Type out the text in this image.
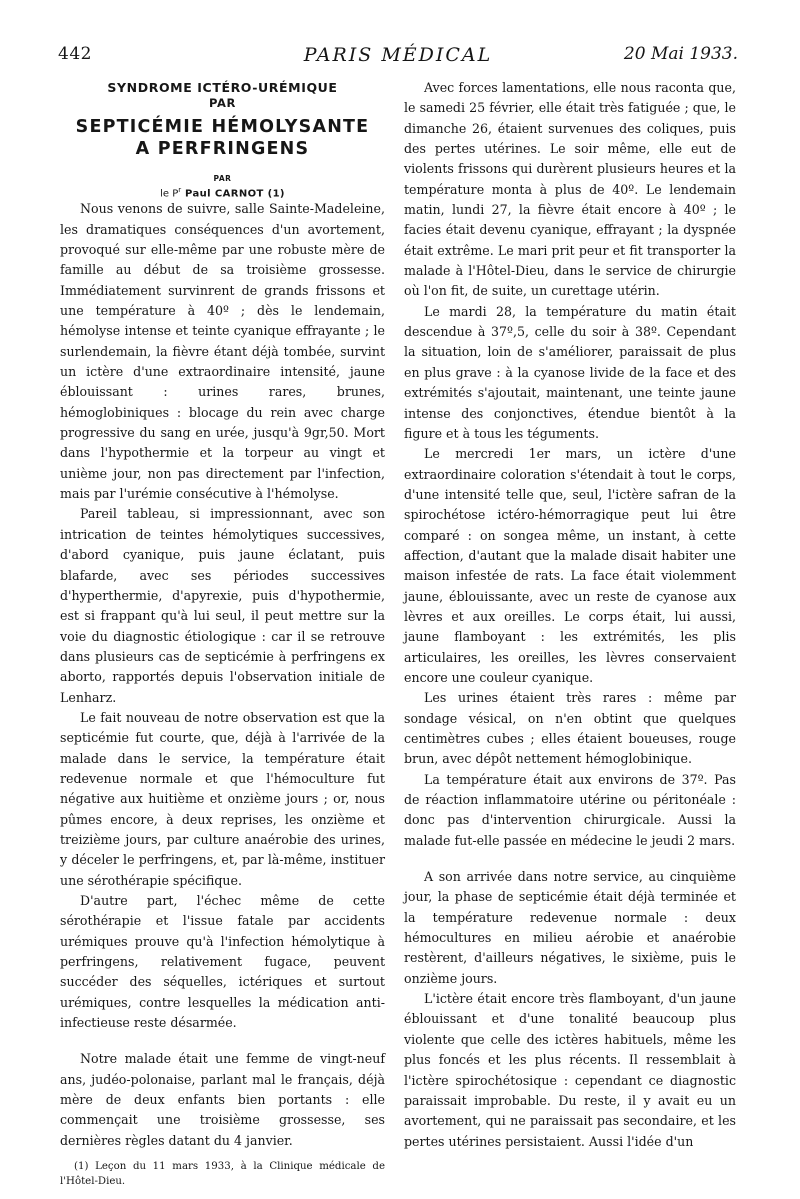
442	PARIS MÉDICAL	20 Mai 1933.
SYNDROME ICTÉRO-URÉMIQUE
PAR
SEPTICÉMIE HÉMOLYSANTE
A PERFRINGENS
PAR
le $P^r$ Paul CARNOT (1)

Nous venons de suivre, salle Sainte-Madeleine, les dramatiques conséquences d'un avortement, provoqué sur elle-même par une robuste mère de famille au début de sa troisième grossesse. Immédiatement survinrent de grands frissons et une température à 40º ; dès le lendemain, hémolyse intense et teinte cyanique effrayante ; le surlendemain, la fièvre étant déjà tombée, survint un ictère d'une extraordinaire intensité, jaune éblouissant : urines rares, brunes, hémoglobiniques : blocage du rein avec charge progressive du sang en urée, jusqu'à 9gr,50. Mort dans l'hypothermie et la torpeur au vingt et unième jour, non pas directement par l'infection, mais par l'urémie consécutive à l'hémolyse.

Pareil tableau, si impressionnant, avec son intrication de teintes hémolytiques successives, d'abord cyanique, puis jaune éclatant, puis blafarde, avec ses périodes successives d'hyperthermie, d'apyrexie, puis d'hypothermie, est si frappant qu'à lui seul, il peut mettre sur la voie du diagnostic étiologique : car il se retrouve dans plusieurs cas de septicémie à perfringens ex aborto, rapportés depuis l'observation initiale de Lenharz.

Le fait nouveau de notre observation est que la septicémie fut courte, que, déjà à l'arrivée de la malade dans le service, la température était redevenue normale et que l'hémoculture fut négative aux huitième et onzième jours ; or, nous pûmes encore, à deux reprises, les onzième et treizième jours, par culture anaérobie des urines, y déceler le perfringens, et, par là-même, instituer une sérothérapie spécifique.

D'autre part, l'échec même de cette sérothérapie et l'issue fatale par accidents urémiques prouve qu'à l'infection hémolytique à perfringens, relativement fugace, peuvent succéder des séquelles, ictériques et surtout urémiques, contre lesquelles la médication anti-infectieuse reste désarmée.

Notre malade était une femme de vingt-neuf ans, judéo-polonaise, parlant mal le français, déjà mère de deux enfants bien portants : elle commençait une troisième grossesse, ses dernières règles datant du 4 janvier.

(1) Leçon du 11 mars 1933, à la Clinique médicale de l'Hôtel-Dieu.

Avec forces lamentations, elle nous raconta que, le samedi 25 février, elle était très fatiguée ; que, le dimanche 26, étaient survenues des coliques, puis des pertes utérines. Le soir même, elle eut de violents frissons qui durèrent plusieurs heures et la température monta à plus de 40º. Le lendemain matin, lundi 27, la fièvre était encore à 40º ; le facies était devenu cyanique, effrayant ; la dyspnée était extrême. Le mari prit peur et fit transporter la malade à l'Hôtel-Dieu, dans le service de chirurgie où l'on fit, de suite, un curettage utérin.

Le mardi 28, la température du matin était descendue à 37º,5, celle du soir à 38º. Cependant la situation, loin de s'améliorer, paraissait de plus en plus grave : à la cyanose livide de la face et des extrémités s'ajoutait, maintenant, une teinte jaune intense des conjonctives, étendue bientôt à la figure et à tous les téguments.

Le mercredi 1er mars, un ictère d'une extraordinaire coloration s'étendait à tout le corps, d'une intensité telle que, seul, l'ictère safran de la spirochétose ictéro-hémorragique peut lui être comparé : on songea même, un instant, à cette affection, d'autant que la malade disait habiter une maison infestée de rats. La face était violemment jaune, éblouissante, avec un reste de cyanose aux lèvres et aux oreilles. Le corps était, lui aussi, jaune flamboyant : les extrémités, les plis articulaires, les oreilles, les lèvres conservaient encore une couleur cyanique.

Les urines étaient très rares : même par sondage vésical, on n'en obtint que quelques centimètres cubes ; elles étaient boueuses, rouge brun, avec dépôt nettement hémoglobinique.

La température était aux environs de 37º. Pas de réaction inflammatoire utérine ou péritonéale : donc pas d'intervention chirurgicale. Aussi la malade fut-elle passée en médecine le jeudi 2 mars.

A son arrivée dans notre service, au cinquième jour, la phase de septicémie était déjà terminée et la température redevenue normale : deux hémocultures en milieu aérobie et anaérobie restèrent, d'ailleurs négatives, le sixième, puis le onzième jours.

L'ictère était encore très flamboyant, d'un jaune éblouissant et d'une tonalité beaucoup plus violente que celle des ictères habituels, même les plus foncés et les plus récents. Il ressemblait à l'ictère spirochétosique : cependant ce diagnostic paraissait improbable. Du reste, il y avait eu un avortement, qui ne paraissait pas secondaire, et les pertes utérines persistaient. Aussi l'idée d'un
